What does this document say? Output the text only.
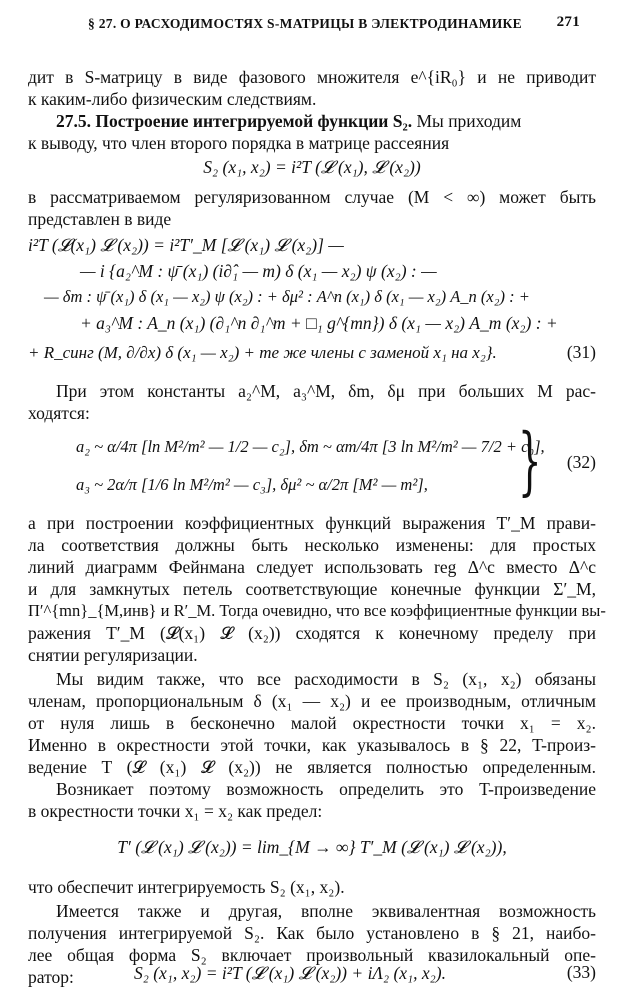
§ 27. О РАСХОДИМОСТЯХ S-МАТРИЦЫ В ЭЛЕКТРОДИНАМИКЕ 271
дит в S-матрицу в виде фазового множителя e^{iR₀} и не приводит
к каким-либо физическим следствиям.
27.5. Построение интегрируемой функции S₂. Мы приходим
к выводу, что член второго порядка в матрице рассеяния
S₂ (x₁, x₂) = i²T (𝓛 (x₁), 𝓛 (x₂))
в рассматриваемом регуляризованном случае (M < ∞) может быть
представлен в виде
i²T (𝓛(x₁) 𝓛 (x₂)) = i²T′_M [𝓛 (x₁) 𝓛 (x₂)] —
— i {a₂^M : ψ̄ (x₁) (i∂̂₁ — m) δ (x₁ — x₂) ψ (x₂) : —
— δm : ψ̄ (x₁) δ (x₁ — x₂) ψ (x₂) : + δμ² : A^n (x₁) δ (x₁ — x₂) A_n (x₂) : +
+ a₃^M : A_n (x₁) (∂₁^n ∂₁^m + □₁ g^{mn}) δ (x₁ — x₂) A_m (x₂) : +
+ R_синг (M, ∂/∂x) δ (x₁ — x₂) + те же члены с заменой x₁ на x₂}.	(31)
При этом константы a₂^M, a₃^M, δm, δμ при больших M рас-
ходятся:
a₂ ~ α/4π [ln M²/m² — 1/2 — c₂], δm ~ αm/4π [3 ln M²/m² — 7/2 + c₀],
a₃ ~ 2α/π [1/6 ln M²/m² — c₃], δμ² ~ α/2π [M² — m²], } (32)
а при построении коэффициентных функций выражения T′_M прави-
ла соответствия должны быть несколько изменены: для простых
линий диаграмм Фейнмана следует использовать reg Δ^c вместо Δ^c
и для замкнутых петель соответствующие конечные функции Σ′_M,
Π′^{mn}_{M,инв} и R′_M. Тогда очевидно, что все коэффициентные функции вы-
ражения T′_M (𝓛(x₁) 𝓛 (x₂)) сходятся к конечному пределу при
снятии регуляризации.
Мы видим также, что все расходимости в S₂ (x₁, x₂) обязаны
членам, пропорциональным δ (x₁ — x₂) и ее производным, отличным
от нуля лишь в бесконечно малой окрестности точки x₁ = x₂.
Именно в окрестности этой точки, как указывалось в § 22, T-произ-
ведение T (𝓛 (x₁) 𝓛 (x₂)) не является полностью определенным.
Возникает поэтому возможность определить это T-произведение
в окрестности точки x₁ = x₂ как предел:
T′ (𝓛 (x₁) 𝓛 (x₂)) = lim_{M → ∞} T′_M (𝓛 (x₁) 𝓛 (x₂)),
что обеспечит интегрируемость S₂ (x₁, x₂).
Имеется также и другая, вполне эквивалентная возможность
получения интегрируемой S₂. Как было установлено в § 21, наибо-
лее общая форма S₂ включает произвольный квазилокальный опе-
ратор:	S₂ (x₁, x₂) = i²T (𝓛 (x₁) 𝓛 (x₂)) + iΛ₂ (x₁, x₂).	(33)
